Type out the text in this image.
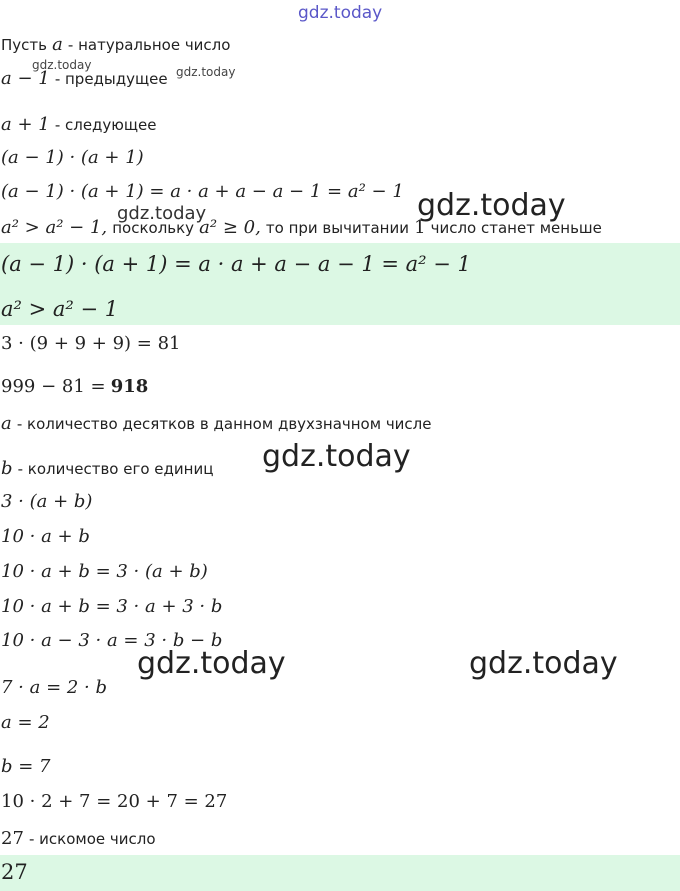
gdz.today
Пусть a - натуральное число
gdz.today
a − 1 - предыдущее gdz.today
a + 1 - следующее
(a − 1) · (a + 1)
(a − 1) · (a + 1) = a · a + a − a − 1 = a² − 1 gdz.today
gdz.today
a² > a² − 1, поскольку a² ≥ 0, то при вычитании 1 число станет меньше
(a − 1) · (a + 1) = a · a + a − a − 1 = a² − 1
a² > a² − 1
3 · (9 + 9 + 9) = 81
999 − 81 = 918
a - количество десятков в данном двухзначном числе
b - количество его единиц gdz.today
3 · (a + b)
10 · a + b
10 · a + b = 3 · (a + b)
10 · a + b = 3 · a + 3 · b
10 · a − 3 · a = 3 · b − b
gdz.today	gdz.today
7 · a = 2 · b
a = 2
b = 7
10 · 2 + 7 = 20 + 7 = 27
27 - искомое число
27
